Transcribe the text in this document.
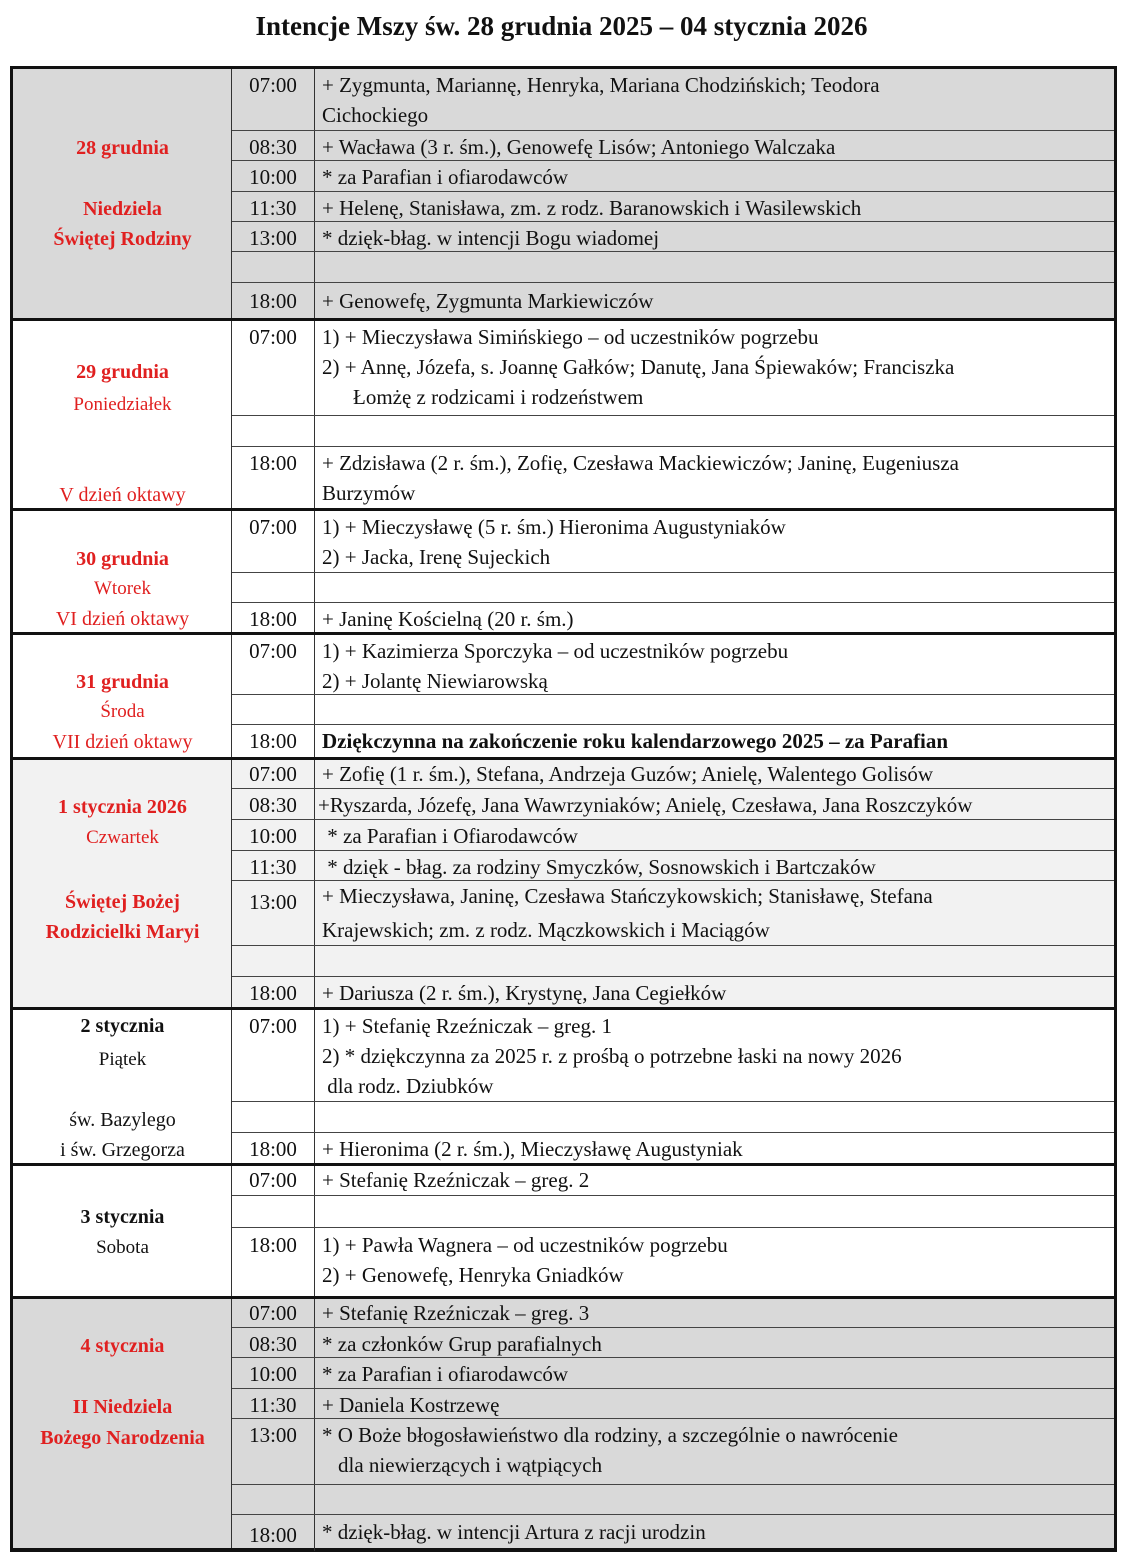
Intencje Mszy św. 28 grudnia 2025 – 04 stycznia 2026
28 grudnia
Niedziela
Świętej Rodziny
07:00	+ Zygmunta, Mariannę, Henryka, Mariana Chodzińskich; Teodora
Cichockiego
08:30	+ Wacława (3 r. śm.), Genowefę Lisów; Antoniego Walczaka
10:00	* za Parafian i ofiarodawców
11:30	+ Helenę, Stanisława, zm. z rodz. Baranowskich i Wasilewskich
13:00	* dzięk-błag. w intencji Bogu wiadomej
18:00	+ Genowefę, Zygmunta Markiewiczów
29 grudnia
Poniedziałek
V dzień oktawy
07:00	1) + Mieczysława Simińskiego – od uczestników pogrzebu
2) + Annę, Józefa, s. Joannę Gałków; Danutę, Jana Śpiewaków; Franciszka
Łomżę z rodzicami i rodzeństwem
18:00	+ Zdzisława (2 r. śm.), Zofię, Czesława Mackiewiczów; Janinę, Eugeniusza
Burzymów
30 grudnia
Wtorek
VI dzień oktawy
07:00	1) + Mieczysławę (5 r. śm.) Hieronima Augustyniaków
2) + Jacka, Irenę Sujeckich
18:00	+ Janinę Kościelną (20 r. śm.)
31 grudnia
Środa
VII dzień oktawy
07:00	1) + Kazimierza Sporczyka – od uczestników pogrzebu
2) + Jolantę Niewiarowską
18:00	Dziękczynna na zakończenie roku kalendarzowego 2025 – za Parafian
1 stycznia 2026
Czwartek
Świętej Bożej
Rodzicielki Maryi
07:00	+ Zofię (1 r. śm.), Stefana, Andrzeja Guzów; Anielę, Walentego Golisów
08:30	+Ryszarda, Józefę, Jana Wawrzyniaków; Anielę, Czesława, Jana Roszczyków
10:00	* za Parafian i Ofiarodawców
11:30	* dzięk - błag. za rodziny Smyczków, Sosnowskich i Bartczaków
13:00	+ Mieczysława, Janinę, Czesława Stańczykowskich; Stanisławę, Stefana
Krajewskich; zm. z rodz. Mączkowskich i Maciągów
18:00	+ Dariusza (2 r. śm.), Krystynę, Jana Cegiełków
2 stycznia
Piątek
św. Bazylego
i św. Grzegorza
07:00	1) + Stefanię Rzeźniczak – greg. 1
2) * dziękczynna za 2025 r. z prośbą o potrzebne łaski na nowy 2026
dla rodz. Dziubków
18:00	+ Hieronima (2 r. śm.), Mieczysławę Augustyniak
3 stycznia
Sobota
07:00	+ Stefanię Rzeźniczak – greg. 2
18:00	1) + Pawła Wagnera – od uczestników pogrzebu
2) + Genowefę, Henryka Gniadków
4 stycznia
II Niedziela
Bożego Narodzenia
07:00	+ Stefanię Rzeźniczak – greg. 3
08:30	* za członków Grup parafialnych
10:00	* za Parafian i ofiarodawców
11:30	+ Daniela Kostrzewę
13:00	* O Boże błogosławieństwo dla rodziny, a szczególnie o nawrócenie
dla niewierzących i wątpiących
18:00	* dzięk-błag. w intencji Artura z racji urodzin
